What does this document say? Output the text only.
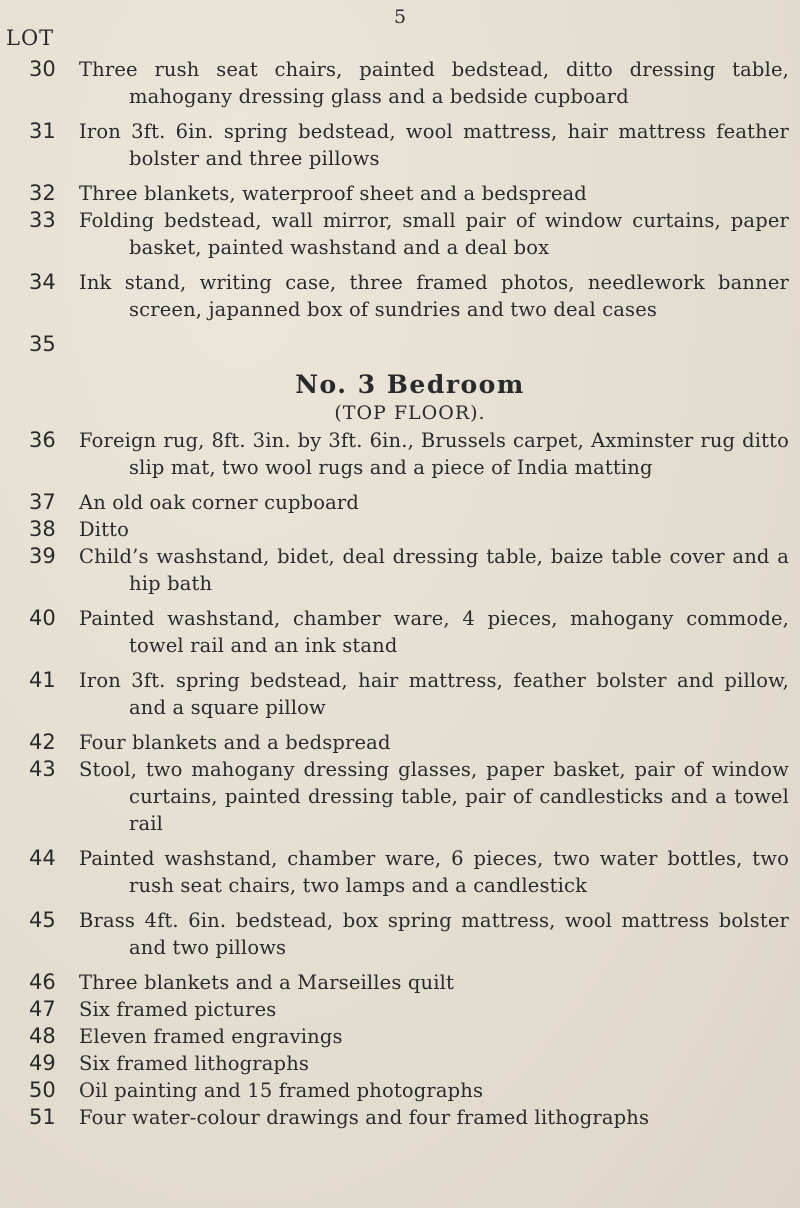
5
LOT
30	Three rush seat chairs, painted bedstead, ditto dressing table, mahogany dressing glass and a bedside cupboard
31	Iron 3ft. 6in. spring bedstead, wool mattress, hair mattress feather bolster and three pillows
32	Three blankets, waterproof sheet and a bedspread
33	Folding bedstead, wall mirror, small pair of window curtains, paper basket, painted washstand and a deal box
34	Ink stand, writing case, three framed photos, needlework banner screen, japanned box of sundries and two deal cases
35
No. 3 Bedroom
(TOP FLOOR).
36	Foreign rug, 8ft. 3in. by 3ft. 6in., Brussels carpet, Axminster rug ditto slip mat, two wool rugs and a piece of India matting
37	An old oak corner cupboard
38	Ditto
39	Child’s washstand, bidet, deal dressing table, baize table cover and a hip bath
40	Painted washstand, chamber ware, 4 pieces, mahogany commode, towel rail and an ink stand
41	Iron 3ft. spring bedstead, hair mattress, feather bolster and pillow, and a square pillow
42	Four blankets and a bedspread
43	Stool, two mahogany dressing glasses, paper basket, pair of window curtains, painted dressing table, pair of candlesticks and a towel rail
44	Painted washstand, chamber ware, 6 pieces, two water bottles, two rush seat chairs, two lamps and a candlestick
45	Brass 4ft. 6in. bedstead, box spring mattress, wool mattress bolster and two pillows
46	Three blankets and a Marseilles quilt
47	Six framed pictures
48	Eleven framed engravings
49	Six framed lithographs
50	Oil painting and 15 framed photographs
51	Four water-colour drawings and four framed lithographs
